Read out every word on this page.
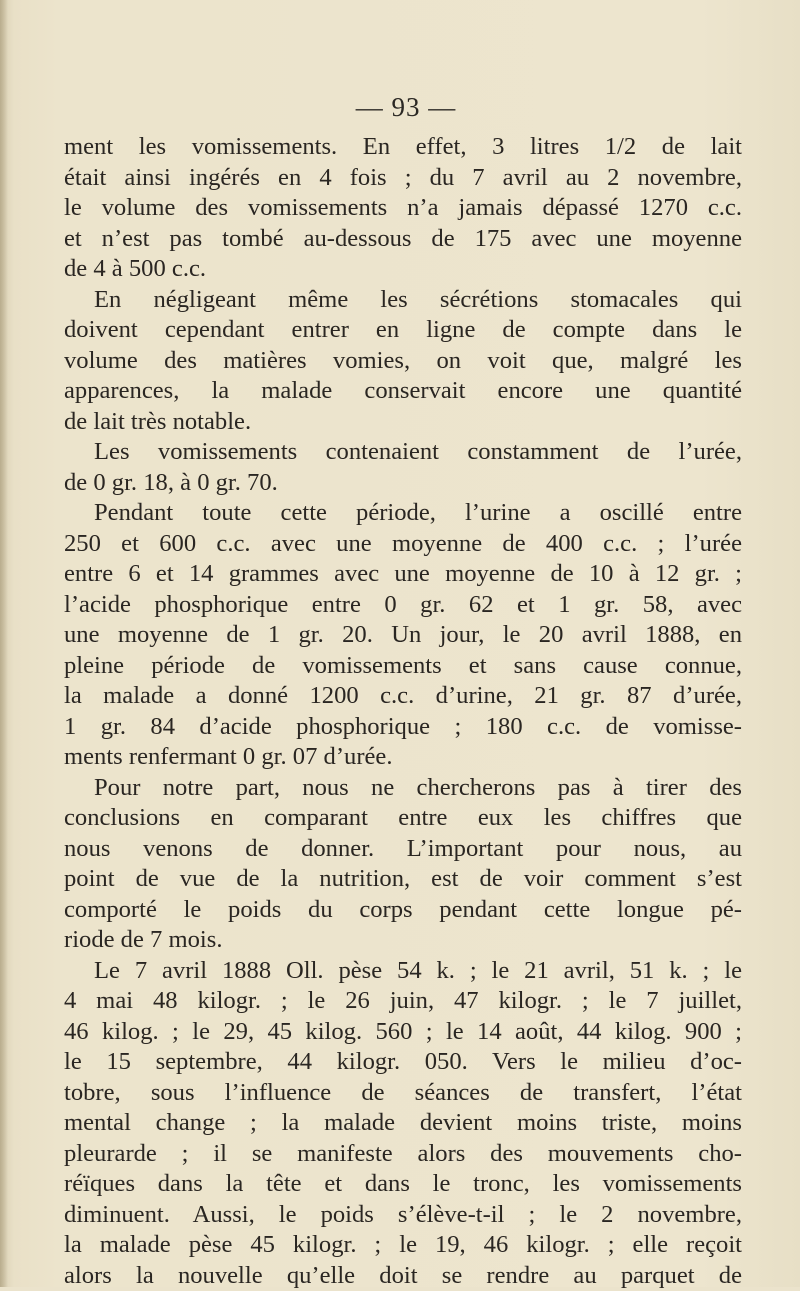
— 93 —
ment les vomissements. En effet, 3 litres 1/2 de lait
était ainsi ingérés en 4 fois ; du 7 avril au 2 novembre,
le volume des vomissements n’a jamais dépassé 1270 c.c.
et n’est pas tombé au-dessous de 175 avec une moyenne
de 4 à 500 c.c.
En négligeant même les sécrétions stomacales qui
doivent cependant entrer en ligne de compte dans le
volume des matières vomies, on voit que, malgré les
apparences, la malade conservait encore une quantité
de lait très notable.
Les vomissements contenaient constamment de l’urée,
de 0 gr. 18, à 0 gr. 70.
Pendant toute cette période, l’urine a oscillé entre
250 et 600 c.c. avec une moyenne de 400 c.c. ; l’urée
entre 6 et 14 grammes avec une moyenne de 10 à 12 gr. ;
l’acide phosphorique entre 0 gr. 62 et 1 gr. 58, avec
une moyenne de 1 gr. 20. Un jour, le 20 avril 1888, en
pleine période de vomissements et sans cause connue,
la malade a donné 1200 c.c. d’urine, 21 gr. 87 d’urée,
1 gr. 84 d’acide phosphorique ; 180 c.c. de vomisse-
ments renfermant 0 gr. 07 d’urée.
Pour notre part, nous ne chercherons pas à tirer des
conclusions en comparant entre eux les chiffres que
nous venons de donner. L’important pour nous, au
point de vue de la nutrition, est de voir comment s’est
comporté le poids du corps pendant cette longue pé-
riode de 7 mois.
Le 7 avril 1888 Oll. pèse 54 k. ; le 21 avril, 51 k. ; le
4 mai 48 kilogr. ; le 26 juin, 47 kilogr. ; le 7 juillet,
46 kilog. ; le 29, 45 kilog. 560 ; le 14 août, 44 kilog. 900 ;
le 15 septembre, 44 kilogr. 050. Vers le milieu d’oc-
tobre, sous l’influence de séances de transfert, l’état
mental change ; la malade devient moins triste, moins
pleurarde ; il se manifeste alors des mouvements cho-
réïques dans la tête et dans le tronc, les vomissements
diminuent. Aussi, le poids s’élève-t-il ; le 2 novembre,
la malade pèse 45 kilogr. ; le 19, 46 kilogr. ; elle reçoit
alors la nouvelle qu’elle doit se rendre au parquet de
